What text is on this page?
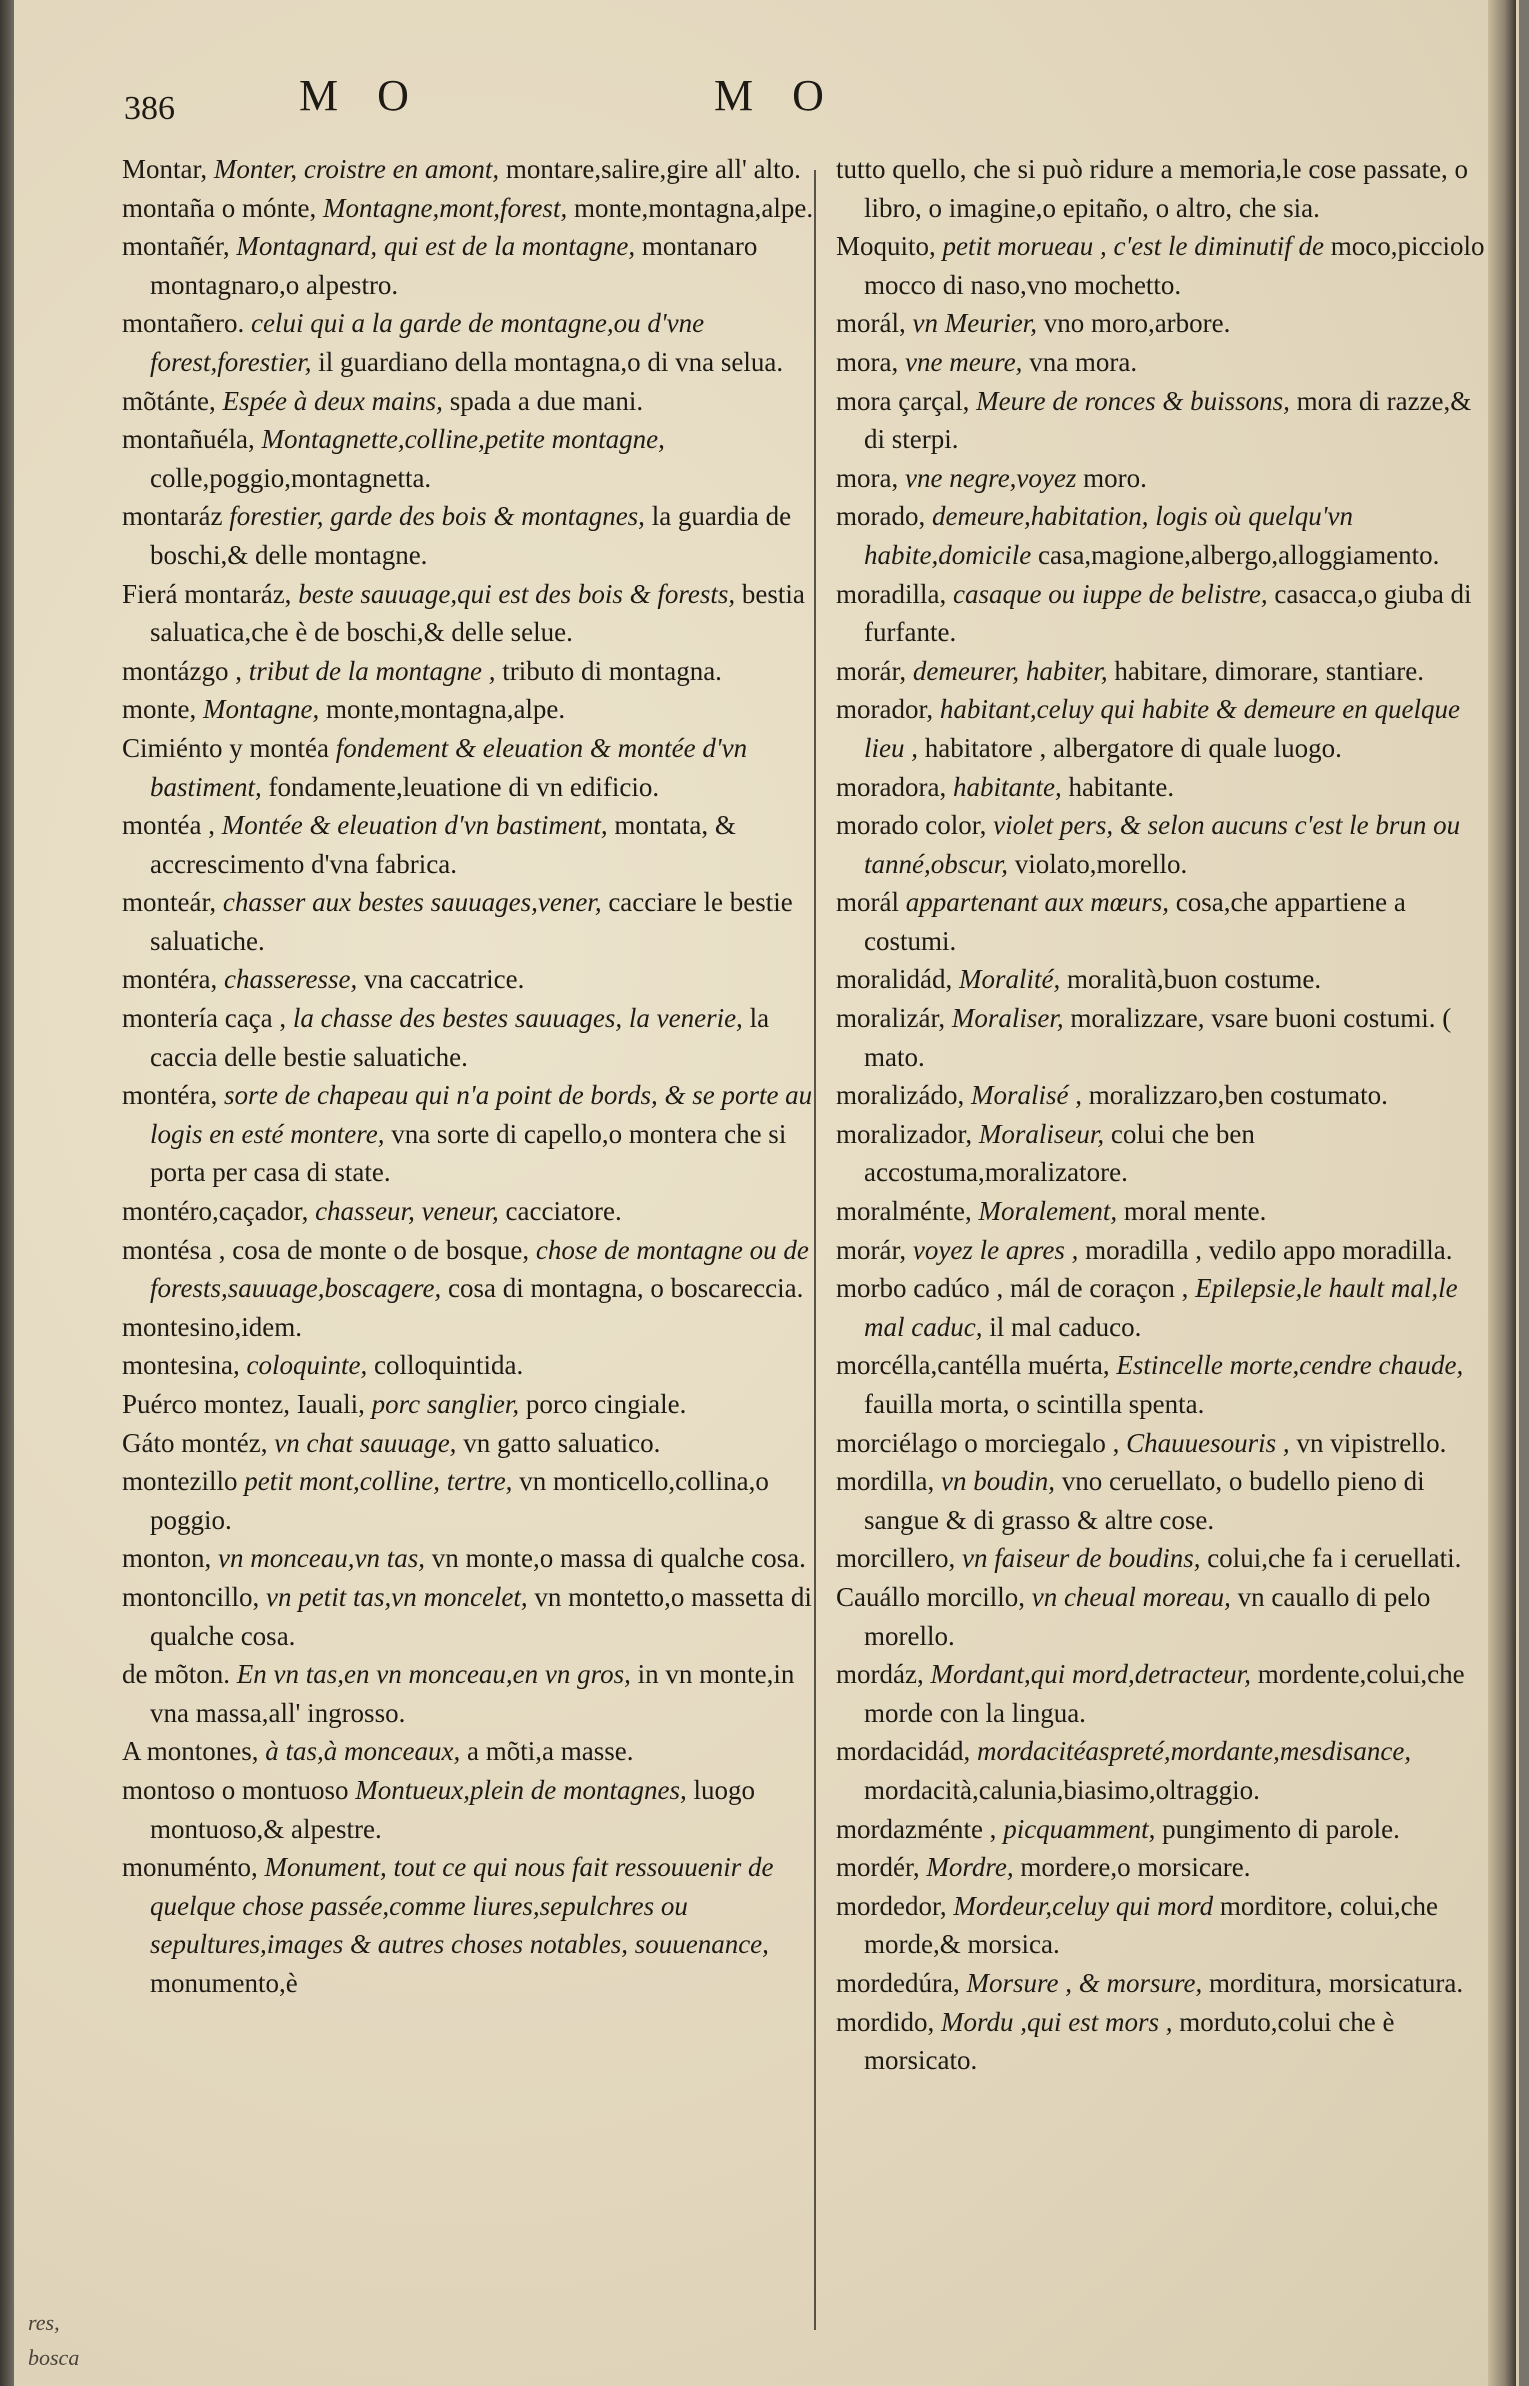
386	M O	M O

Montar, Monter, croistre en amont, montare,salire,gire all' alto.

montaña o mónte, Montagne,mont,forest, monte,montagna,alpe.

montañér, Montagnard, qui est de la montagne, montanaro montagnaro,o alpestro.

montañero. celui qui a la garde de montagne,ou d'vne forest,forestier, il guardiano della montagna,o di vna selua.

mõtánte, Espée à deux mains, spada a due mani.

montañuéla, Montagnette,colline,petite montagne, colle,poggio,montagnetta.

montaráz forestier, garde des bois & montagnes, la guardia de boschi,& delle montagne.

Fierá montaráz, beste sauuage,qui est des bois & forests, bestia saluatica,che è de boschi,& delle selue.

montázgo , tribut de la montagne , tributo di montagna.

monte, Montagne, monte,montagna,alpe.

Cimiénto y montéa fondement & eleuation & montée d'vn bastiment, fondamente,leuatione di vn edificio.

montéa , Montée & eleuation d'vn bastiment, montata, & accrescimento d'vna fabrica.

monteár, chasser aux bestes sauuages,vener, cacciare le bestie saluatiche.

montéra, chasseresse, vna caccatrice.

montería caça , la chasse des bestes sauuages, la venerie, la caccia delle bestie saluatiche.

montéra, sorte de chapeau qui n'a point de bords, & se porte au logis en esté montere, vna sorte di capello,o montera che si porta per casa di state.

montéro,caçador, chasseur, veneur, cacciatore.

montésa , cosa de monte o de bosque, chose de montagne ou de forests,sauuage,boscagere, cosa di montagna, o boscareccia.

montesino,idem.

montesina, coloquinte, colloquintida.

Puérco montez, Iauali, porc sanglier, porco cingiale.

Gáto montéz, vn chat sauuage, vn gatto saluatico.

montezillo petit mont,colline, tertre, vn monticello,collina,o poggio.

monton, vn monceau,vn tas, vn monte,o massa di qualche cosa.

montoncillo, vn petit tas,vn moncelet, vn montetto,o massetta di qualche cosa.

de mõton. En vn tas,en vn monceau,en vn gros, in vn monte,in vna massa,all' ingrosso.

A montones, à tas,à monceaux, a mõti,a masse.

montoso o montuoso Montueux,plein de montagnes, luogo montuoso,& alpestre.

monuménto, Monument, tout ce qui nous fait ressouuenir de quelque chose passée,comme liures,sepulchres ou sepultures,images & autres choses notables, souuenance, monumento,è

tutto quello, che si può ridure a memoria,le cose passate, o libro, o imagine,o epitaño, o altro, che sia.

Moquito, petit morueau , c'est le diminutif de moco,picciolo mocco di naso,vno mochetto.

morál, vn Meurier, vno moro,arbore.

mora, vne meure, vna mora.

mora çarçal, Meure de ronces & buissons, mora di razze,& di sterpi.

mora, vne negre,voyez moro.

morado, demeure,habitation, logis où quelqu'vn habite,domicile casa,magione,albergo,alloggiamento.

moradilla, casaque ou iuppe de belistre, casacca,o giuba di furfante.

morár, demeurer, habiter, habitare, dimorare, stantiare.

morador, habitant,celuy qui habite & demeure en quelque lieu , habitatore , albergatore di quale luogo.

moradora, habitante, habitante.

morado color, violet pers, & selon aucuns c'est le brun ou tanné,obscur, violato,morello.

morál appartenant aux mœurs, cosa,che appartiene a costumi.

moralidád, Moralité, moralità,buon costume.

moralizár, Moraliser, moralizzare, vsare buoni costumi. ( mato.

moralizádo, Moralisé , moralizzaro,ben costumato.

moralizador, Moraliseur, colui che ben accostuma,moralizatore.

moralménte, Moralement, moral mente.

morár, voyez le apres , moradilla , vedilo appo moradilla.

morbo cadúco , mál de coraçon , Epilepsie,le hault mal,le mal caduc, il mal caduco.

morcélla,cantélla muérta, Estincelle morte,cendre chaude, fauilla morta, o scintilla spenta.

morciélago o morciegalo , Chauuesouris , vn vipistrello.

mordilla, vn boudin, vno ceruellato, o budello pieno di sangue & di grasso & altre cose.

morcillero, vn faiseur de boudins, colui,che fa i ceruellati.

Cauállo morcillo, vn cheual moreau, vn cauallo di pelo morello.

mordáz, Mordant,qui mord,detracteur, mordente,colui,che morde con la lingua.

mordacidád, mordacitéaspreté,mordante,mesdisance, mordacità,calunia,biasimo,oltraggio.

mordazménte , picquamment, pungimento di parole.

mordér, Mordre, mordere,o morsicare.

mordedor, Mordeur,celuy qui mord morditore, colui,che morde,& morsica.

mordedúra, Morsure , & morsure, morditura, morsicatura.

mordido, Mordu ,qui est mors , morduto,colui che è morsicato.

res,
bosca
